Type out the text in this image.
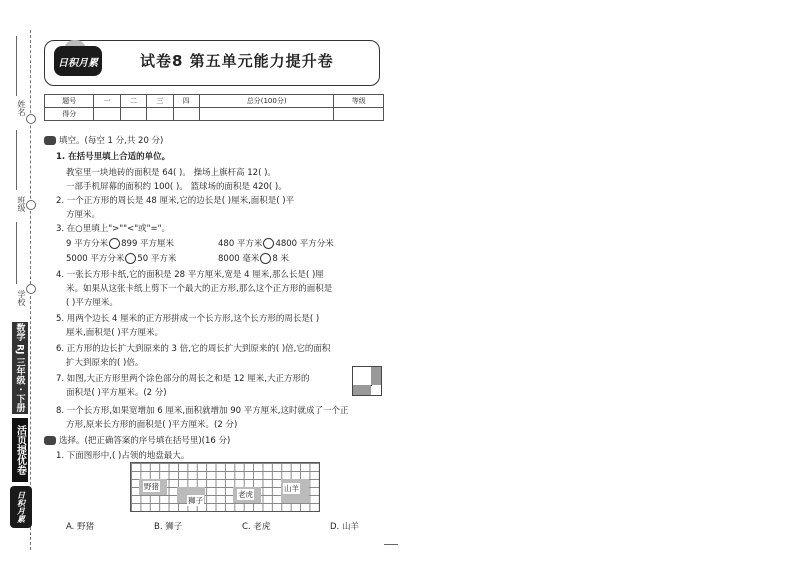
姓名
班级
学校
数学 RJ 三年级 · 下册
活页提优卷
日积月累
日积月累	试卷8 第五单元能力提升卷
题号	一	二	三	四	总分(100分)	等级
得分						
填空。(每空 1 分,共 20 分)
1. 在括号里填上合适的单位。
教室里一块地砖的面积是 64( )。 操场上旗杆高 12( )。
一部手机屏幕的面积约 100( )。 篮球场的面积是 420( )。
2. 一个正方形的周长是 48 厘米,它的边长是( )厘米,面积是( )平
方厘米。
3. 在○里填上">""<"或"="。
9 平方分米 899 平方厘米	480 平方米 4800 平方分米
5000 平方分米 50 平方米	8000 毫米 8 米
4. 一张长方形卡纸,它的面积是 28 平方厘米,宽是 4 厘米,那么长是( )厘
米。如果从这张卡纸上剪下一个最大的正方形,那么这个正方形的面积是
( )平方厘米。
5. 用两个边长 4 厘米的正方形拼成一个长方形,这个长方形的周长是( )
厘米,面积是( )平方厘米。
6. 正方形的边长扩大到原来的 3 倍,它的周长扩大到原来的( )倍,它的面积
扩大到原来的( )倍。
7. 如图,大正方形里两个涂色部分的周长之和是 12 厘米,大正方形的
面积是( )平方厘米。(2 分)
8. 一个长方形,如果宽增加 6 厘米,面积就增加 90 平方厘米,这时就成了一个正
方形,原来长方形的面积是( )平方厘米。(2 分)
选择。(把正确答案的序号填在括号里)(16 分)
1. 下面图形中,( )占领的地盘最大。
野猪
狮子
老虎
山羊
A. 野猪	B. 狮子	C. 老虎	D. 山羊
